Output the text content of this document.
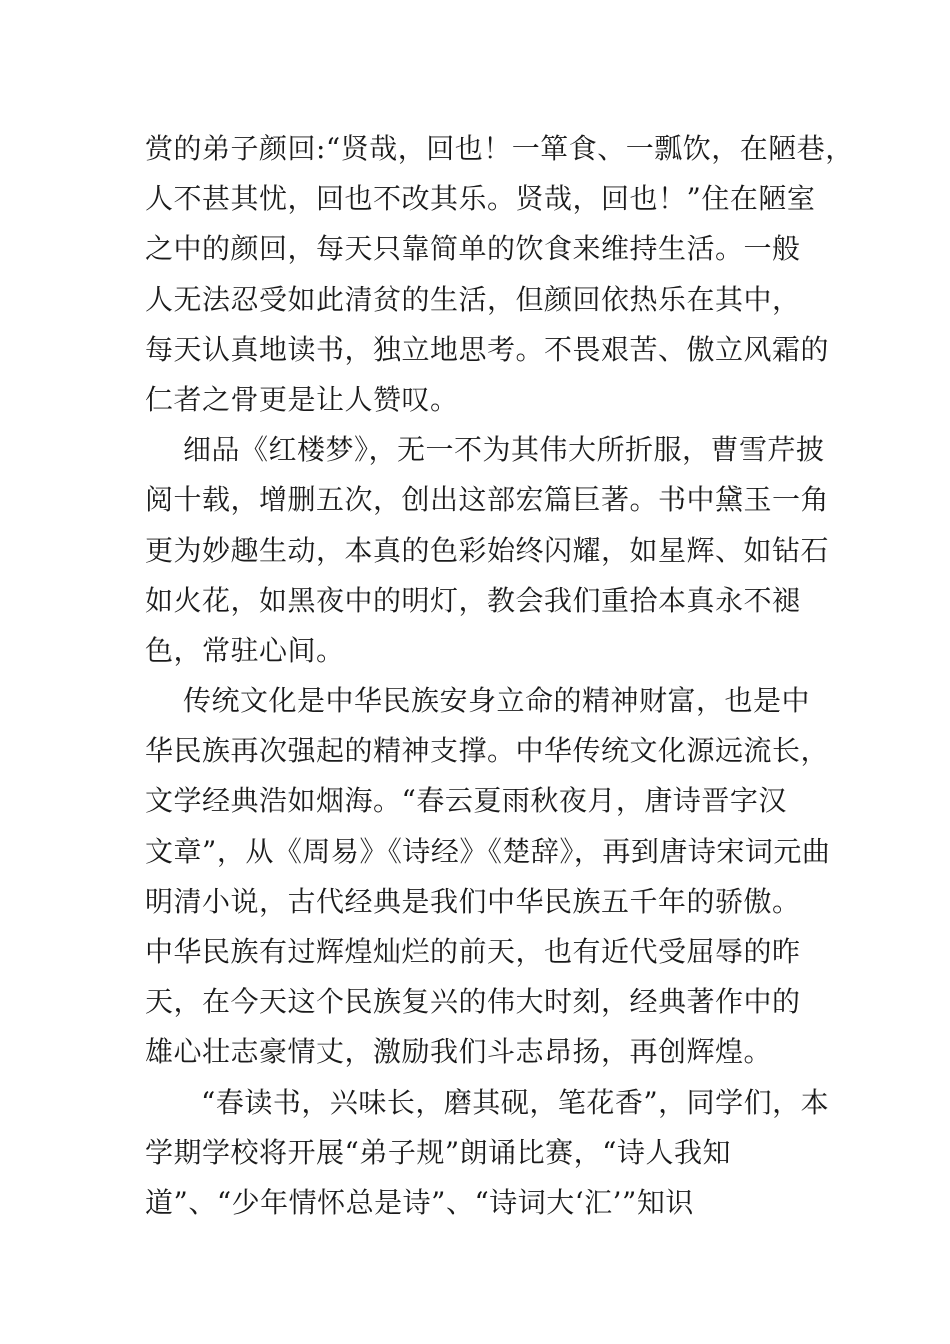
赏的弟子颜回:“贤哉，回也！一箪食、一瓢饮，在陋巷，
人不甚其忧，回也不改其乐。贤哉，回也！”住在陋室
之中的颜回，每天只靠简单的饮食来维持生活。一般
人无法忍受如此清贫的生活，但颜回依热乐在其中，
每天认真地读书，独立地思考。不畏艰苦、傲立风霜的
仁者之骨更是让人赞叹。
细品《红楼梦》，无一不为其伟大所折服，曹雪芹披
阅十载，增删五次，创出这部宏篇巨著。书中黛玉一角
更为妙趣生动，本真的色彩始终闪耀，如星辉、如钻石
如火花，如黑夜中的明灯，教会我们重拾本真永不褪
色，常驻心间。
传统文化是中华民族安身立命的精神财富，也是中
华民族再次强起的精神支撑。中华传统文化源远流长，
文学经典浩如烟海。“春云夏雨秋夜月，唐诗晋字汉
文章”，从《周易》《诗经》《楚辞》，再到唐诗宋词元曲
明清小说，古代经典是我们中华民族五千年的骄傲。
中华民族有过辉煌灿烂的前天，也有近代受屈辱的昨
天，在今天这个民族复兴的伟大时刻，经典著作中的
雄心壮志豪情丈，激励我们斗志昂扬，再创辉煌。
“春读书，兴味长，磨其砚，笔花香”，同学们，本
学期学校将开展“弟子规”朗诵比赛，“诗人我知
道”、“少年情怀总是诗”、“诗词大‘汇’”知识
